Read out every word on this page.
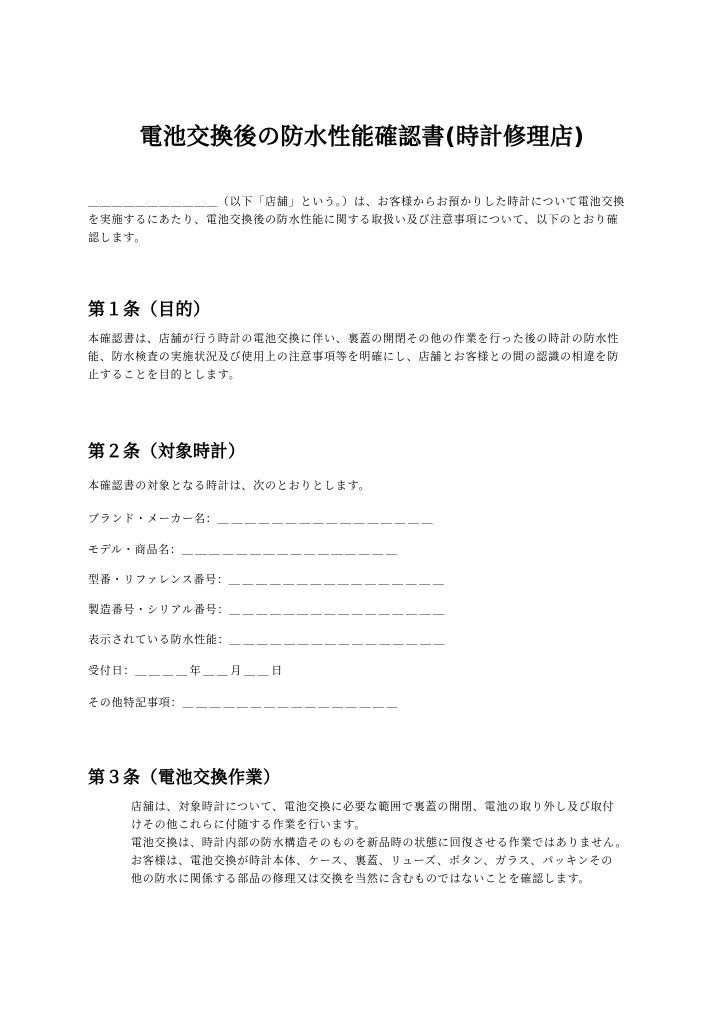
電池交換後の防水性能確認書(時計修理店)
＿＿＿＿＿＿＿＿＿＿＿（以下「店舗」という。）は、お客様からお預かりした時計について電池交換
を実施するにあたり、電池交換後の防水性能に関する取扱い及び注意事項について、以下のとおり確
認します。
第１条（目的）
本確認書は、店舗が行う時計の電池交換に伴い、裏蓋の開閉その他の作業を行った後の時計の防水性
能、防水検査の実施状況及び使用上の注意事項等を明確にし、店舗とお客様との間の認識の相違を防
止することを目的とします。
第２条（対象時計）
本確認書の対象となる時計は、次のとおりとします。
ブランド・メーカー名：＿＿＿＿＿＿＿＿＿＿＿＿＿＿＿＿
モデル・商品名：＿＿＿＿＿＿＿＿＿＿＿＿＿＿＿＿
型番・リファレンス番号：＿＿＿＿＿＿＿＿＿＿＿＿＿＿＿＿
製造番号・シリアル番号：＿＿＿＿＿＿＿＿＿＿＿＿＿＿＿＿
表示されている防水性能：＿＿＿＿＿＿＿＿＿＿＿＿＿＿＿＿
受付日：＿＿＿＿年＿＿月＿＿日
その他特記事項：＿＿＿＿＿＿＿＿＿＿＿＿＿＿＿＿
第３条（電池交換作業）
店舗は、対象時計について、電池交換に必要な範囲で裏蓋の開閉、電池の取り外し及び取付
けその他これらに付随する作業を行います。
電池交換は、時計内部の防水構造そのものを新品時の状態に回復させる作業ではありません。
お客様は、電池交換が時計本体、ケース、裏蓋、リューズ、ボタン、ガラス、パッキンその
他の防水に関係する部品の修理又は交換を当然に含むものではないことを確認します。
